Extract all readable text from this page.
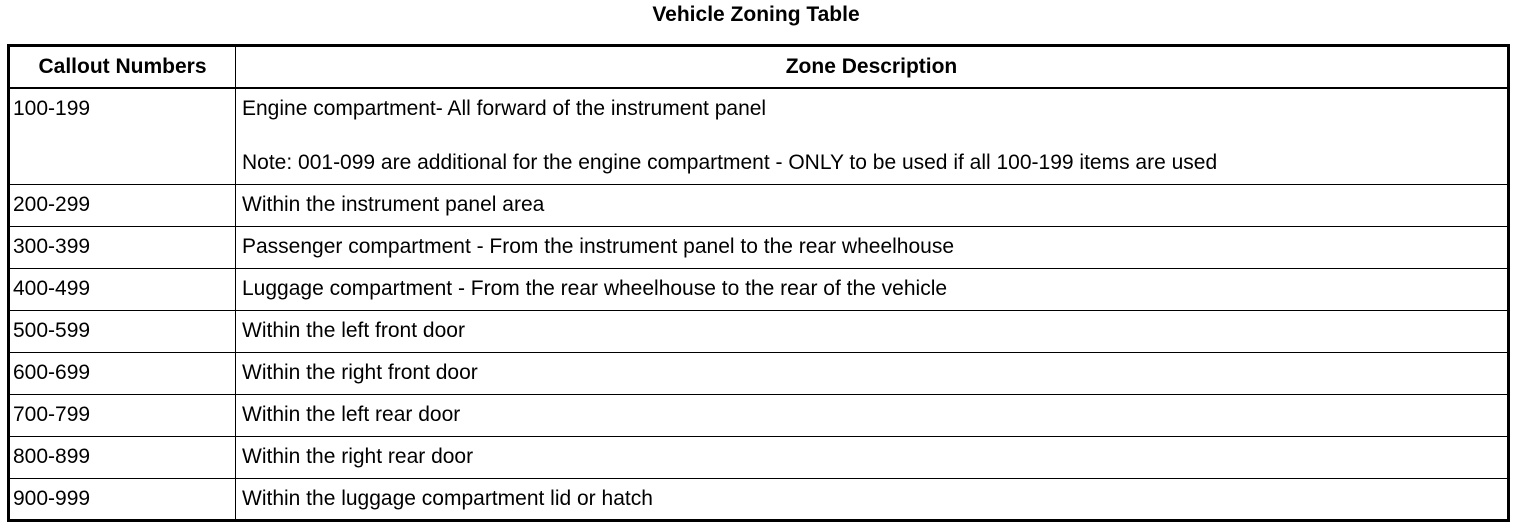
Vehicle Zoning Table
Callout Numbers	Zone Description
100-199	Engine compartment- All forward of the instrument panel
Note: 001-099 are additional for the engine compartment - ONLY to be used if all 100-199 items are used

200-299	Within the instrument panel area
300-399	Passenger compartment - From the instrument panel to the rear wheelhouse
400-499	Luggage compartment - From the rear wheelhouse to the rear of the vehicle
500-599	Within the left front door
600-699	Within the right front door
700-799	Within the left rear door
800-899	Within the right rear door
900-999	Within the luggage compartment lid or hatch
